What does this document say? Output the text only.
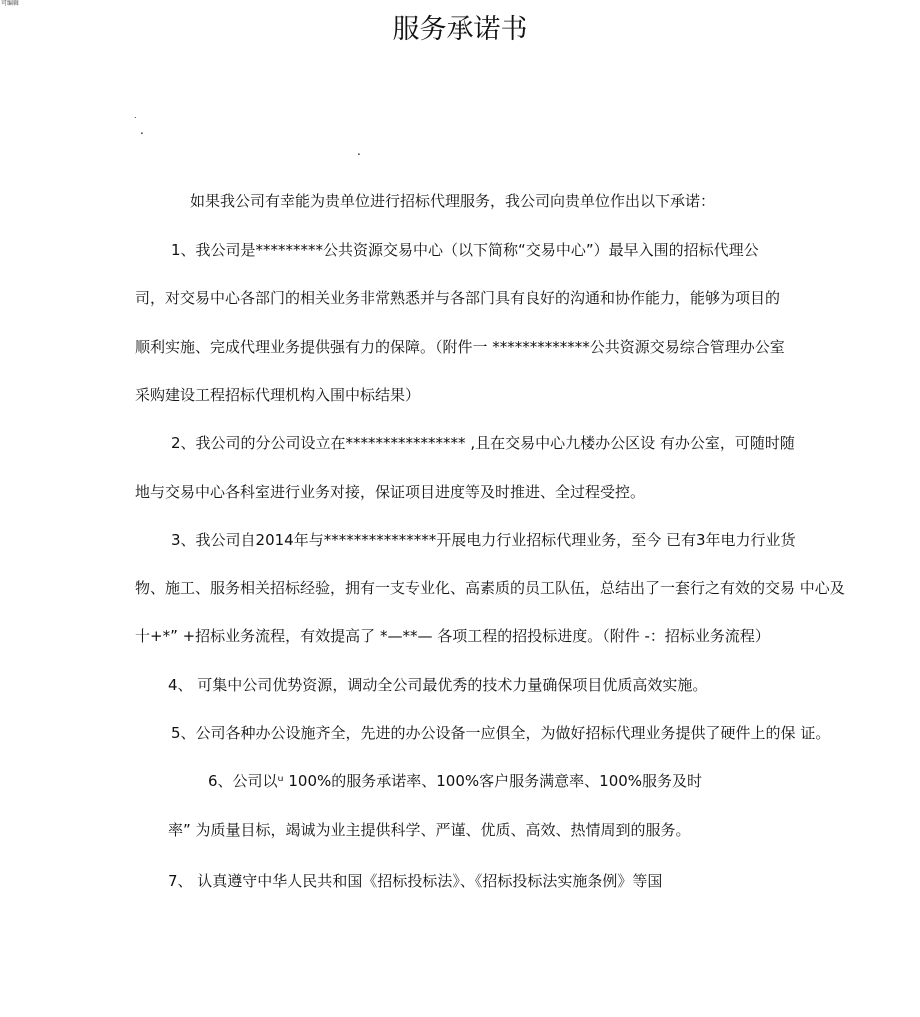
可编辑
服务承诺书
.
.
.
如果我公司有幸能为贵单位进行招标代理服务，我公司向贵单位作出以下承诺：
1、我公司是*********公共资源交易中心（以下简称“交易中心”）最早入围的招标代理公
司，对交易中心各部门的相关业务非常熟悉并与各部门具有良好的沟通和协作能力，能够为项目的
顺利实施、完成代理业务提供强有力的保障。（附件一 *************公共资源交易综合管理办公室
采购建设工程招标代理机构入围中标结果）
2、我公司的分公司设立在**************** ,且在交易中心九楼办公区设 有办公室，可随时随
地与交易中心各科室进行业务对接，保证项目进度等及时推进、全过程受控。
3、我公司自2014年与***************开展电力行业招标代理业务，至今 已有3年电力行业货
物、施工、服务相关招标经验，拥有一支专业化、高素质的员工队伍，总结出了一套行之有效的交易 中心及
十+*” +招标业务流程，有效提高了 *—**— 各项工程的招投标进度。（附件 -：招标业务流程）
4、 可集中公司优势资源，调动全公司最优秀的技术力量确保项目优质高效实施。
5、公司各种办公设施齐全，先进的办公设备一应俱全，为做好招标代理业务提供了硬件上的保 证。
6、公司以ᵘ 100%的服务承诺率、100%客户服务满意率、100%服务及时
率” 为质量目标，竭诚为业主提供科学、严谨、优质、高效、热情周到的服务。
7、 认真遵守中华人民共和国《招标投标法》、《招标投标法实施条例》等国
